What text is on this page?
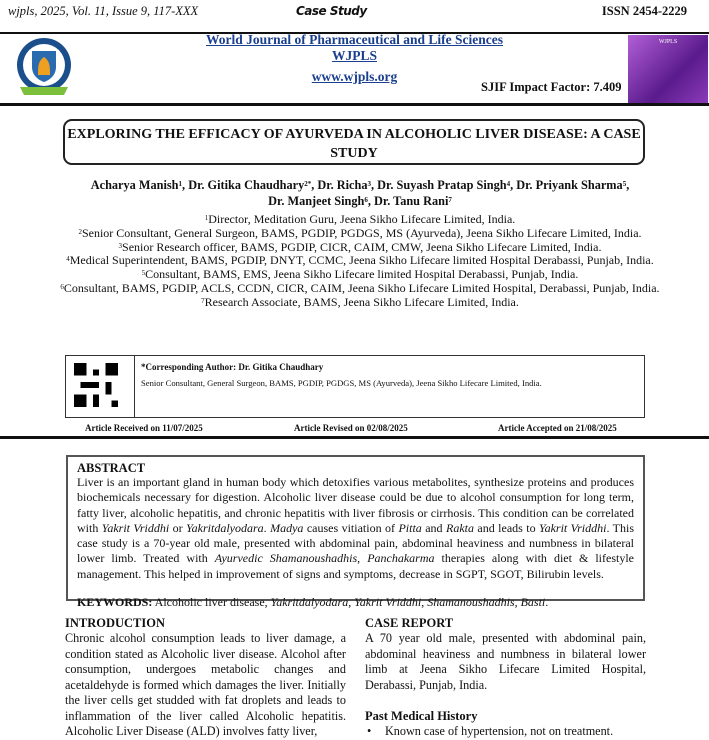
wjpls, 2025, Vol. 11, Issue 9, 117-XXX	Case Study	ISSN 2454-2229
World Journal of Pharmaceutical and Life Sciences
WJPLS
www.wjpls.org
SJIF Impact Factor: 7.409
WJPLS
EXPLORING THE EFFICACY OF AYURVEDA IN ALCOHOLIC LIVER DISEASE: A CASE STUDY
Acharya Manish$^1$, Dr. Gitika Chaudhary$^{2*}$, Dr. Richa$^3$, Dr. Suyash Pratap Singh$^4$, Dr. Priyank Sharma$^5$,
Dr. Manjeet Singh$^6$, Dr. Tanu Rani$^7$
$^1$Director, Meditation Guru, Jeena Sikho Lifecare Limited, India.
$^2$Senior Consultant, General Surgeon, BAMS, PGDIP, PGDGS, MS (Ayurveda), Jeena Sikho Lifecare Limited, India.
$^3$Senior Research officer, BAMS, PGDIP, CICR, CAIM, CMW, Jeena Sikho Lifecare Limited, India.
$^4$Medical Superintendent, BAMS, PGDIP, DNYT, CCMC, Jeena Sikho Lifecare limited Hospital Derabassi, Punjab, India.
$^5$Consultant, BAMS, EMS, Jeena Sikho Lifecare limited Hospital Derabassi, Punjab, India.
$^6$Consultant, BAMS, PGDIP, ACLS, CCDN, CICR, CAIM, Jeena Sikho Lifecare Limited Hospital, Derabassi, Punjab, India.
$^7$Research Associate, BAMS, Jeena Sikho Lifecare Limited, India.
*Corresponding Author: Dr. Gitika Chaudhary
Senior Consultant, General Surgeon, BAMS, PGDIP, PGDGS, MS (Ayurveda), Jeena Sikho Lifecare Limited, India.
Article Received on 11/07/2025	Article Revised on 02/08/2025	Article Accepted on 21/08/2025
ABSTRACT

Liver is an important gland in human body which detoxifies various metabolites, synthesize proteins and produces biochemicals necessary for digestion. Alcoholic liver disease could be due to alcohol consumption for long term, fatty liver, alcoholic hepatitis, and chronic hepatitis with liver fibrosis or cirrhosis. This condition can be correlated with Yakrit Vriddhi or Yakritdalyodara. Madya causes vitiation of Pitta and Rakta and leads to Yakrit Vriddhi. This case study is a 70-year old male, presented with abdominal pain, abdominal heaviness and numbness in bilateral lower limb. Treated with Ayurvedic Shamanoushadhis, Panchakarma therapies along with diet & lifestyle management. This helped in improvement of signs and symptoms, decrease in SGPT, SGOT, Bilirubin levels.

KEYWORDS: Alcoholic liver disease, Yakritdalyodara, Yakrit Vriddhi, Shamanoushadhis, Basti.

INTRODUCTION

Chronic alcohol consumption leads to liver damage, a condition stated as Alcoholic liver disease. Alcohol after consumption, undergoes metabolic changes and acetaldehyde is formed which damages the liver. Initially the liver cells get studded with fat droplets and leads to inflammation of the liver called Alcoholic hepatitis. Alcoholic Liver Disease (ALD) involves fatty liver,

CASE REPORT

A 70 year old male, presented with abdominal pain, abdominal heaviness and numbness in bilateral lower limb at Jeena Sikho Lifecare Limited Hospital, Derabassi, Punjab, India.

Past Medical History

• Known case of hypertension, not on treatment.
